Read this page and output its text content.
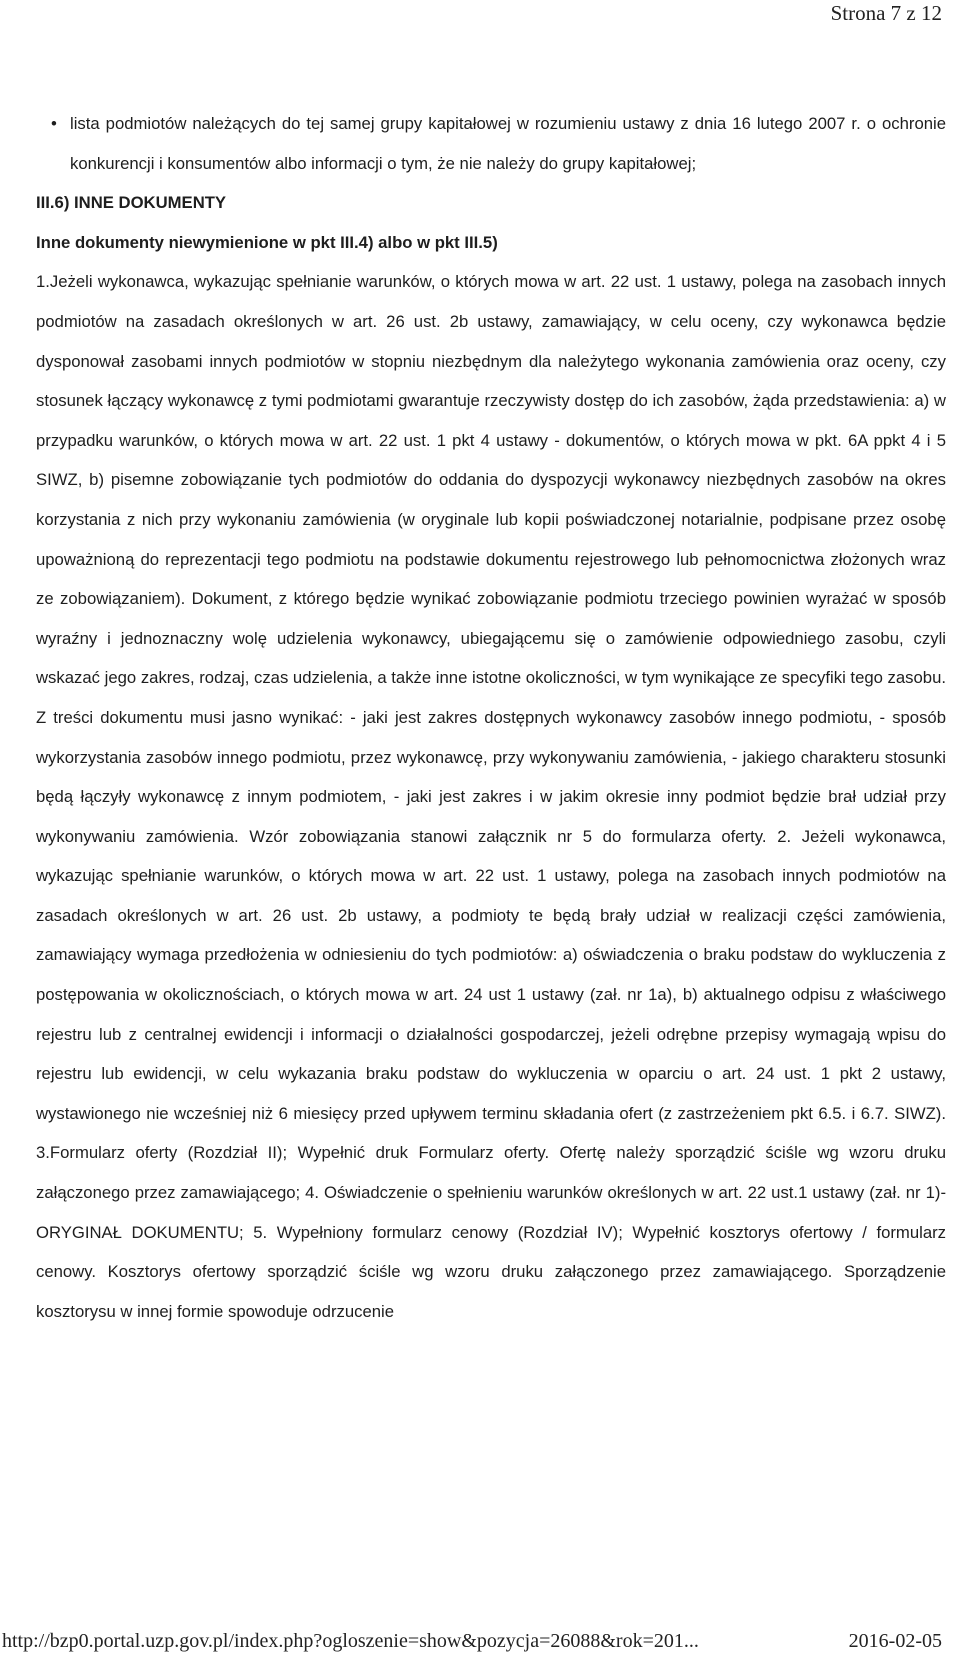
Strona 7 z 12

• lista podmiotów należących do tej samej grupy kapitałowej w rozumieniu ustawy z dnia 16 lutego 2007 r. o ochronie konkurencji i konsumentów albo informacji o tym, że nie należy do grupy kapitałowej;

III.6) INNE DOKUMENTY

Inne dokumenty niewymienione w pkt III.4) albo w pkt III.5)

1.Jeżeli wykonawca, wykazując spełnianie warunków, o których mowa w art. 22 ust. 1 ustawy, polega na zasobach innych podmiotów na zasadach określonych w art. 26 ust. 2b ustawy, zamawiający, w celu oceny, czy wykonawca będzie dysponował zasobami innych podmiotów w stopniu niezbędnym dla należytego wykonania zamówienia oraz oceny, czy stosunek łączący wykonawcę z tymi podmiotami gwarantuje rzeczywisty dostęp do ich zasobów, żąda przedstawienia: a) w przypadku warunków, o których mowa w art. 22 ust. 1 pkt 4 ustawy - dokumentów, o których mowa w pkt. 6A ppkt 4 i 5 SIWZ, b) pisemne zobowiązanie tych podmiotów do oddania do dyspozycji wykonawcy niezbędnych zasobów na okres korzystania z nich przy wykonaniu zamówienia (w oryginale lub kopii poświadczonej notarialnie, podpisane przez osobę upoważnioną do reprezentacji tego podmiotu na podstawie dokumentu rejestrowego lub pełnomocnictwa złożonych wraz ze zobowiązaniem). Dokument, z którego będzie wynikać zobowiązanie podmiotu trzeciego powinien wyrażać w sposób wyraźny i jednoznaczny wolę udzielenia wykonawcy, ubiegającemu się o zamówienie odpowiedniego zasobu, czyli wskazać jego zakres, rodzaj, czas udzielenia, a także inne istotne okoliczności, w tym wynikające ze specyfiki tego zasobu. Z treści dokumentu musi jasno wynikać: - jaki jest zakres dostępnych wykonawcy zasobów innego podmiotu, - sposób wykorzystania zasobów innego podmiotu, przez wykonawcę, przy wykonywaniu zamówienia, - jakiego charakteru stosunki będą łączyły wykonawcę z innym podmiotem, - jaki jest zakres i w jakim okresie inny podmiot będzie brał udział przy wykonywaniu zamówienia. Wzór zobowiązania stanowi załącznik nr 5 do formularza oferty. 2. Jeżeli wykonawca, wykazując spełnianie warunków, o których mowa w art. 22 ust. 1 ustawy, polega na zasobach innych podmiotów na zasadach określonych w art. 26 ust. 2b ustawy, a podmioty te będą brały udział w realizacji części zamówienia, zamawiający wymaga przedłożenia w odniesieniu do tych podmiotów: a) oświadczenia o braku podstaw do wykluczenia z postępowania w okolicznościach, o których mowa w art. 24 ust 1 ustawy (zał. nr 1a), b) aktualnego odpisu z właściwego rejestru lub z centralnej ewidencji i informacji o działalności gospodarczej, jeżeli odrębne przepisy wymagają wpisu do rejestru lub ewidencji, w celu wykazania braku podstaw do wykluczenia w oparciu o art. 24 ust. 1 pkt 2 ustawy, wystawionego nie wcześniej niż 6 miesięcy przed upływem terminu składania ofert (z zastrzeżeniem pkt 6.5. i 6.7. SIWZ). 3.Formularz oferty (Rozdział II); Wypełnić druk Formularz oferty. Ofertę należy sporządzić ściśle wg wzoru druku załączonego przez zamawiającego; 4. Oświadczenie o spełnieniu warunków określonych w art. 22 ust.1 ustawy (zał. nr 1)- ORYGINAŁ DOKUMENTU; 5. Wypełniony formularz cenowy (Rozdział IV); Wypełnić kosztorys ofertowy / formularz cenowy. Kosztorys ofertowy sporządzić ściśle wg wzoru druku załączonego przez zamawiającego. Sporządzenie kosztorysu w innej formie spowoduje odrzucenie

http://bzp0.portal.uzp.gov.pl/index.php?ogloszenie=show&pozycja=26088&rok=201...	2016-02-05
